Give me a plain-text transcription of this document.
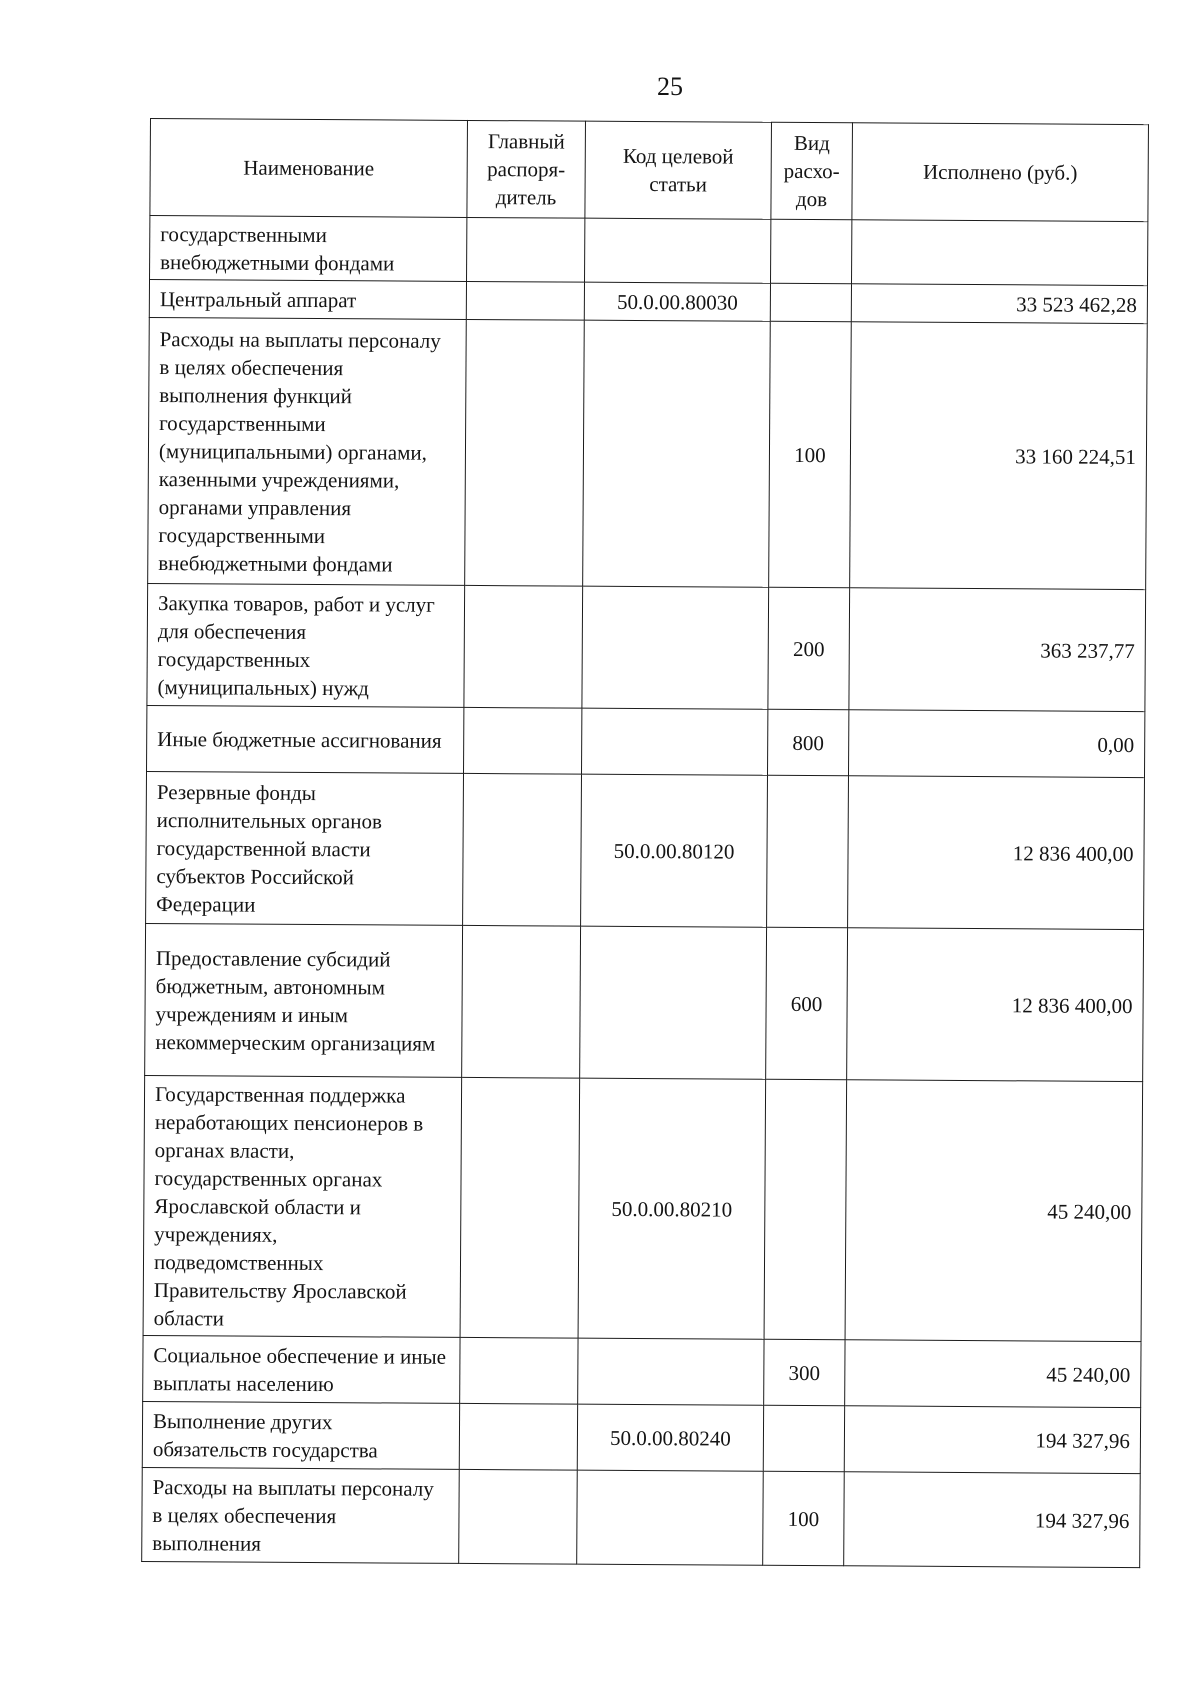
25
Наименование	Главный распоря-дитель	Код целевой статьи	Вид расхо-дов	Исполнено (руб.)
государственными внебюджетными фондами				
Центральный аппарат		50.0.00.80030		33 523 462,28
Расходы на выплаты персоналу в целях обеспечения выполнения функций государственными (муниципальными) органами, казенными учреждениями, органами управления государственными внебюджетными фондами			100	33 160 224,51
Закупка товаров, работ и услуг для обеспечения государственных (муниципальных) нужд			200	363 237,77
Иные бюджетные ассигнования			800	0,00
Резервные фонды исполнительных органов государственной власти субъектов Российской Федерации		50.0.00.80120		12 836 400,00
Предоставление субсидий бюджетным, автономным учреждениям и иным некоммерческим организациям			600	12 836 400,00
Государственная поддержка неработающих пенсионеров в органах власти, государственных органах Ярославской области и учреждениях, подведомственных Правительству Ярославской области		50.0.00.80210		45 240,00
Социальное обеспечение и иные выплаты населению			300	45 240,00
Выполнение других обязательств государства		50.0.00.80240		194 327,96
Расходы на выплаты персоналу в целях обеспечения выполнения			100	194 327,96
